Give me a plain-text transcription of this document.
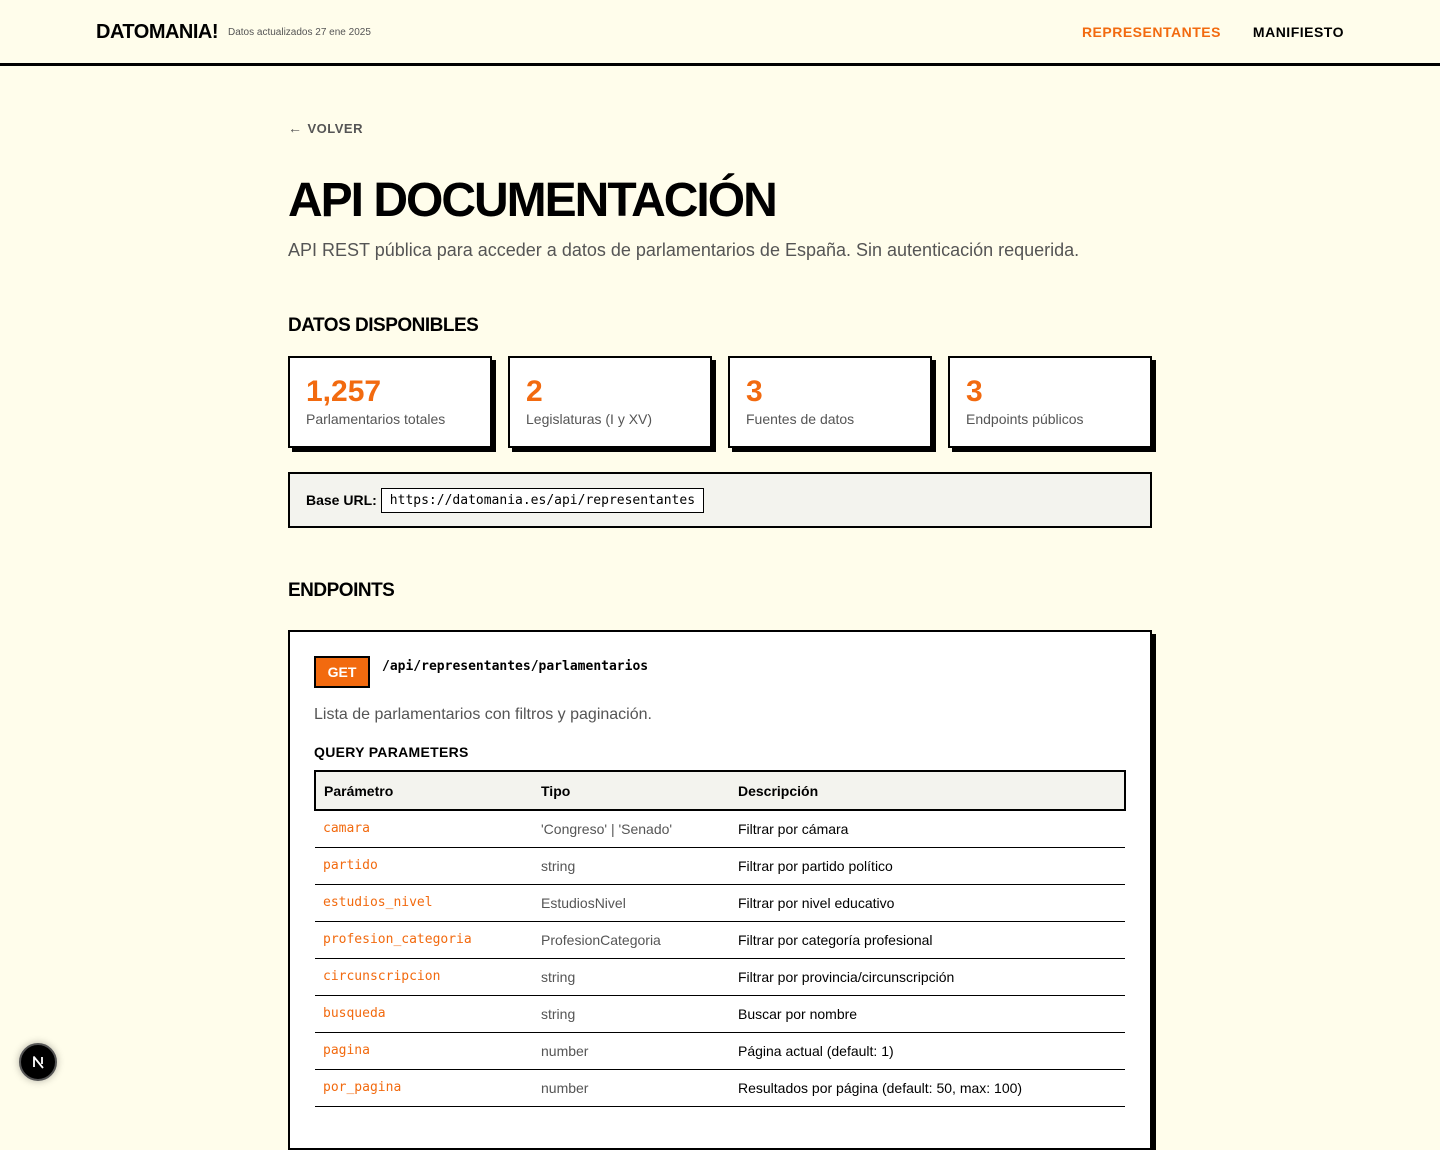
DATOMANIA! Datos actualizados 27 ene 2025	REPRESENTANTES MANIFIESTO
← VOLVER
API DOCUMENTACIÓN

API REST pública para acceder a datos de parlamentarios de España. Sin autenticación requerida.

DATOS DISPONIBLES
1,257
Parlamentarios totales
2
Legislaturas (I y XV)
3
Fuentes de datos
3
Endpoints públicos
Base URL:	https://datomania.es/api/representantes
ENDPOINTS
GET	/api/representantes/parlamentarios

Lista de parlamentarios con filtros y paginación.

QUERY PARAMETERS
Parámetro	Tipo	Descripción
camara	'Congreso' | 'Senado'	Filtrar por cámara
partido	string	Filtrar por partido político
estudios_nivel	EstudiosNivel	Filtrar por nivel educativo
profesion_categoria	ProfesionCategoria	Filtrar por categoría profesional
circunscripcion	string	Filtrar por provincia/circunscripción
busqueda	string	Buscar por nombre
pagina	number	Página actual (default: 1)
por_pagina	number	Resultados por página (default: 50, max: 100)
